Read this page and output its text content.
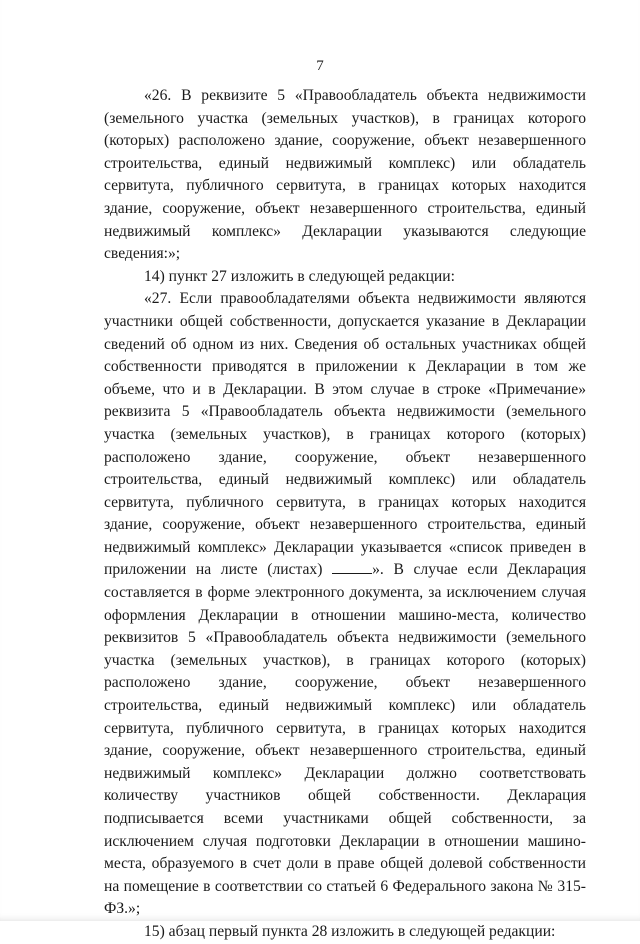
7

«26. В реквизите 5 «Правообладатель объекта недвижимости (земельного участка (земельных участков), в границах которого (которых) расположено здание, сооружение, объект незавершенного строительства, единый недвижимый комплекс) или обладатель сервитута, публичного сервитута, в границах которых находится здание, сооружение, объект незавершенного строительства, единый недвижимый комплекс» Декларации указываются следующие сведения:»;

14) пункт 27 изложить в следующей редакции:

«27. Если правообладателями объекта недвижимости являются участники общей собственности, допускается указание в Декларации сведений об одном из них. Сведения об остальных участниках общей собственности приводятся в приложении к Декларации в том же объеме, что и в Декларации. В этом случае в строке «Примечание» реквизита 5 «Правообладатель объекта недвижимости (земельного участка (земельных участков), в границах которого (которых) расположено здание, сооружение, объект незавершенного строительства, единый недвижимый комплекс) или обладатель сервитута, публичного сервитута, в границах которых находится здание, сооружение, объект незавершенного строительства, единый недвижимый комплекс» Декларации указывается «список приведен в приложении на листе (листах)	». В случае если Декларация составляется в форме электронного документа, за исключением случая оформления Декларации в отношении машино-места, количество реквизитов 5 «Правообладатель объекта недвижимости (земельного участка (земельных участков), в границах которого (которых) расположено здание, сооружение, объект незавершенного строительства, единый недвижимый комплекс) или обладатель сервитута, публичного сервитута, в границах которых находится здание, сооружение, объект незавершенного строительства, единый недвижимый комплекс» Декларации должно соответствовать количеству участников общей собственности. Декларация подписывается всеми участниками общей собственности, за исключением случая подготовки Декларации в отношении машино-места, образуемого в счет доли в праве общей долевой собственности на помещение в соответствии со статьей 6 Федерального закона № 315-ФЗ.»;

15) абзац первый пункта 28 изложить в следующей редакции:
